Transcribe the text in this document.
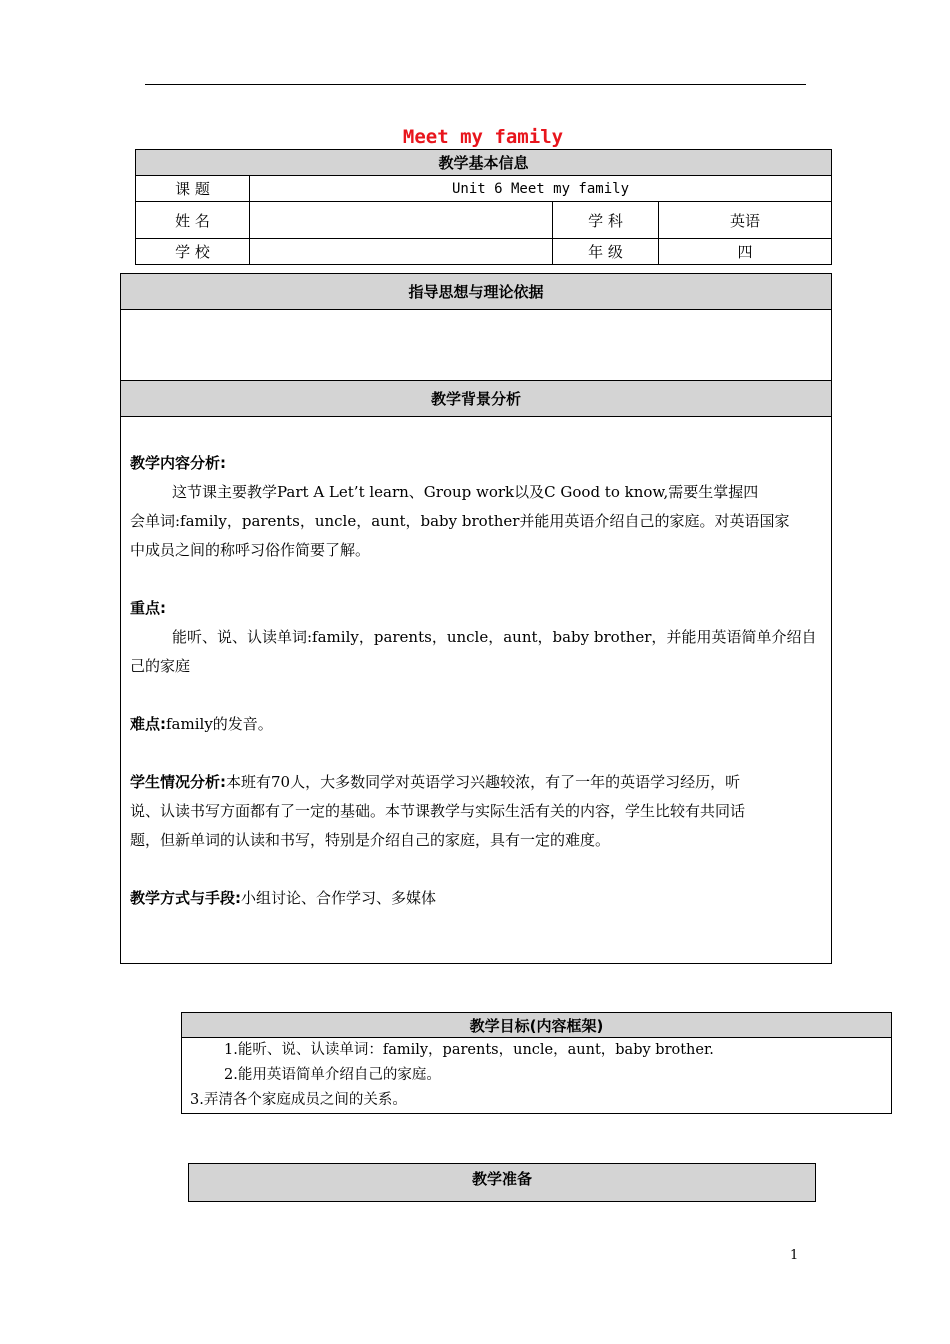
Meet my family
教学基本信息			
课 题	Unit 6 Meet my family		
姓 名		学 科	英语
学 校		年 级	四
指导思想与理论依据

教学背景分析

教学内容分析:

这节课主要教学Part A Let’t learn、Group work以及C Good to know,需要生掌握四

会单词:family，parents，uncle，aunt，baby brother并能用英语介绍自己的家庭。对英语国家

中成员之间的称呼习俗作简要了解。

重点:

能听、说、认读单词:family，parents，uncle，aunt，baby brother，并能用英语简单介绍自

己的家庭

难点:family的发音。

学生情况分析:本班有70人，大多数同学对英语学习兴趣较浓，有了一年的英语学习经历，听

说、认读书写方面都有了一定的基础。本节课教学与实际生活有关的内容，学生比较有共同话

题，但新单词的认读和书写，特别是介绍自己的家庭，具有一定的难度。

教学方式与手段:小组讨论、合作学习、多媒体

教学目标(内容框架)

1.能听、说、认读单词：family，parents，uncle，aunt，baby brother.
2.能用英语简单介绍自己的家庭。
3.弄清各个家庭成员之间的关系。
教学准备
1
